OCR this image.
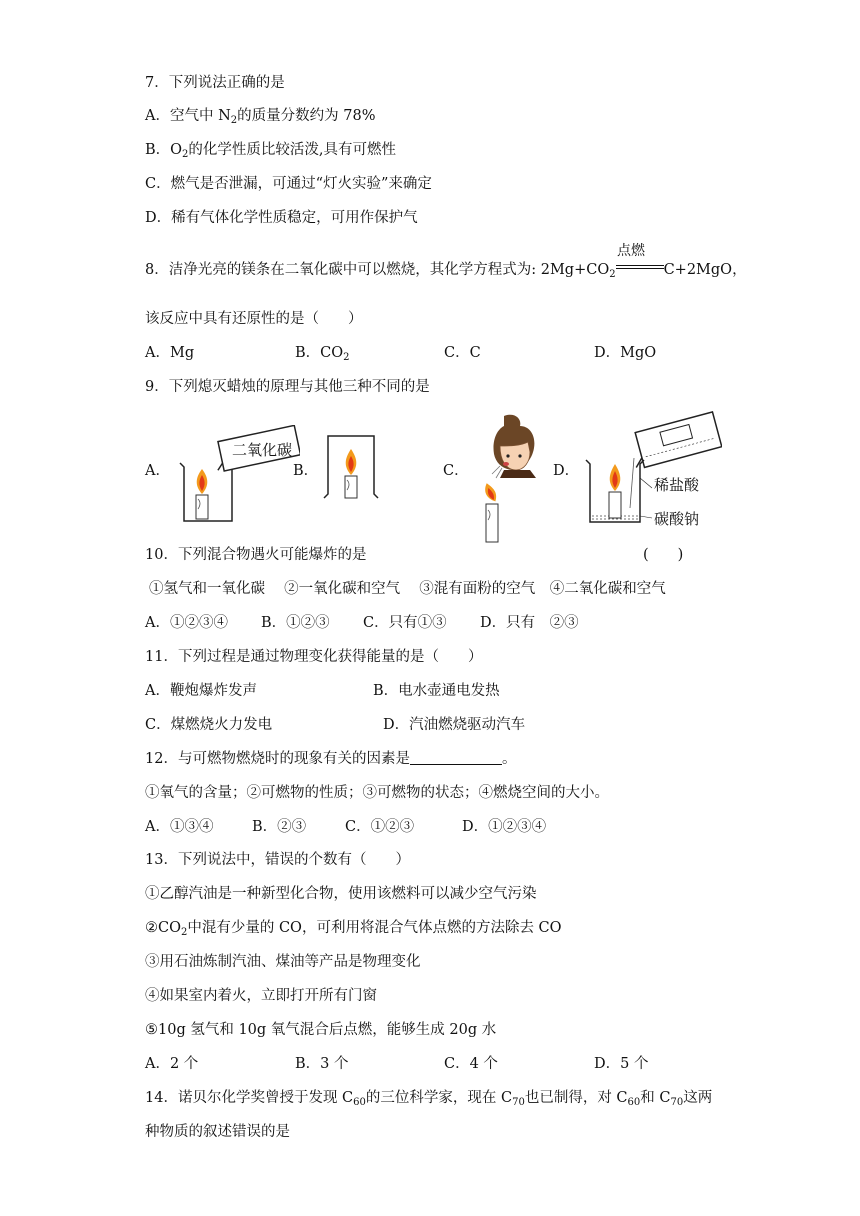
7．下列说法正确的是
A．空气中 $N_2$的质量分数约为 78%
B．$O_2$的化学性质比较活泼,具有可燃性
C．燃气是否泄漏，可通过“灯火实验”来确定
D．稀有气体化学性质稳定，可用作保护气
8．洁净光亮的镁条在二氧化碳中可以燃烧，其化学方程式为: $2Mg+CO_2$	C+2MgO，
点燃
该反应中具有还原性的是（　　）
A．Mg	B．$CO_2$	C．C	D．MgO
9．下列熄灭蜡烛的原理与其他三种不同的是
A．	B．	C．	D．
二氧化碳
稀盐酸
碳酸钠
10．下列混合物遇火可能爆炸的是	(　　)
①氢气和一氧化碳　 ②一氧化碳和空气　 ③混有面粉的空气　④二氧化碳和空气
A．①②③④ B．①②③ C．只有①③ D．只有　②③
11．下列过程是通过物理变化获得能量的是（　　）
A．鞭炮爆炸发声	B．电水壶通电发热
C．煤燃烧火力发电	D．汽油燃烧驱动汽车
12．与可燃物燃烧时的现象有关的因素是	。
①氧气的含量；②可燃物的性质；③可燃物的状态；④燃烧空间的大小。
A．①③④	B．②③	C．①②③	D．①②③④
13．下列说法中，错误的个数有（　　）
①乙醇汽油是一种新型化合物，使用该燃料可以减少空气污染
$②CO_2$中混有少量的 CO，可利用将混合气体点燃的方法除去 CO
③用石油炼制汽油、煤油等产品是物理变化
④如果室内着火，立即打开所有门窗
⑤10g 氢气和 10g 氧气混合后点燃，能够生成 20g 水
A．2 个	B．3 个	C．4 个	D．5 个
14．诺贝尔化学奖曾授于发现 $C_{60}$的三位科学家，现在 $C_{70}$也已制得，对 $C_{60}$和 $C_{70}$这两
种物质的叙述错误的是
